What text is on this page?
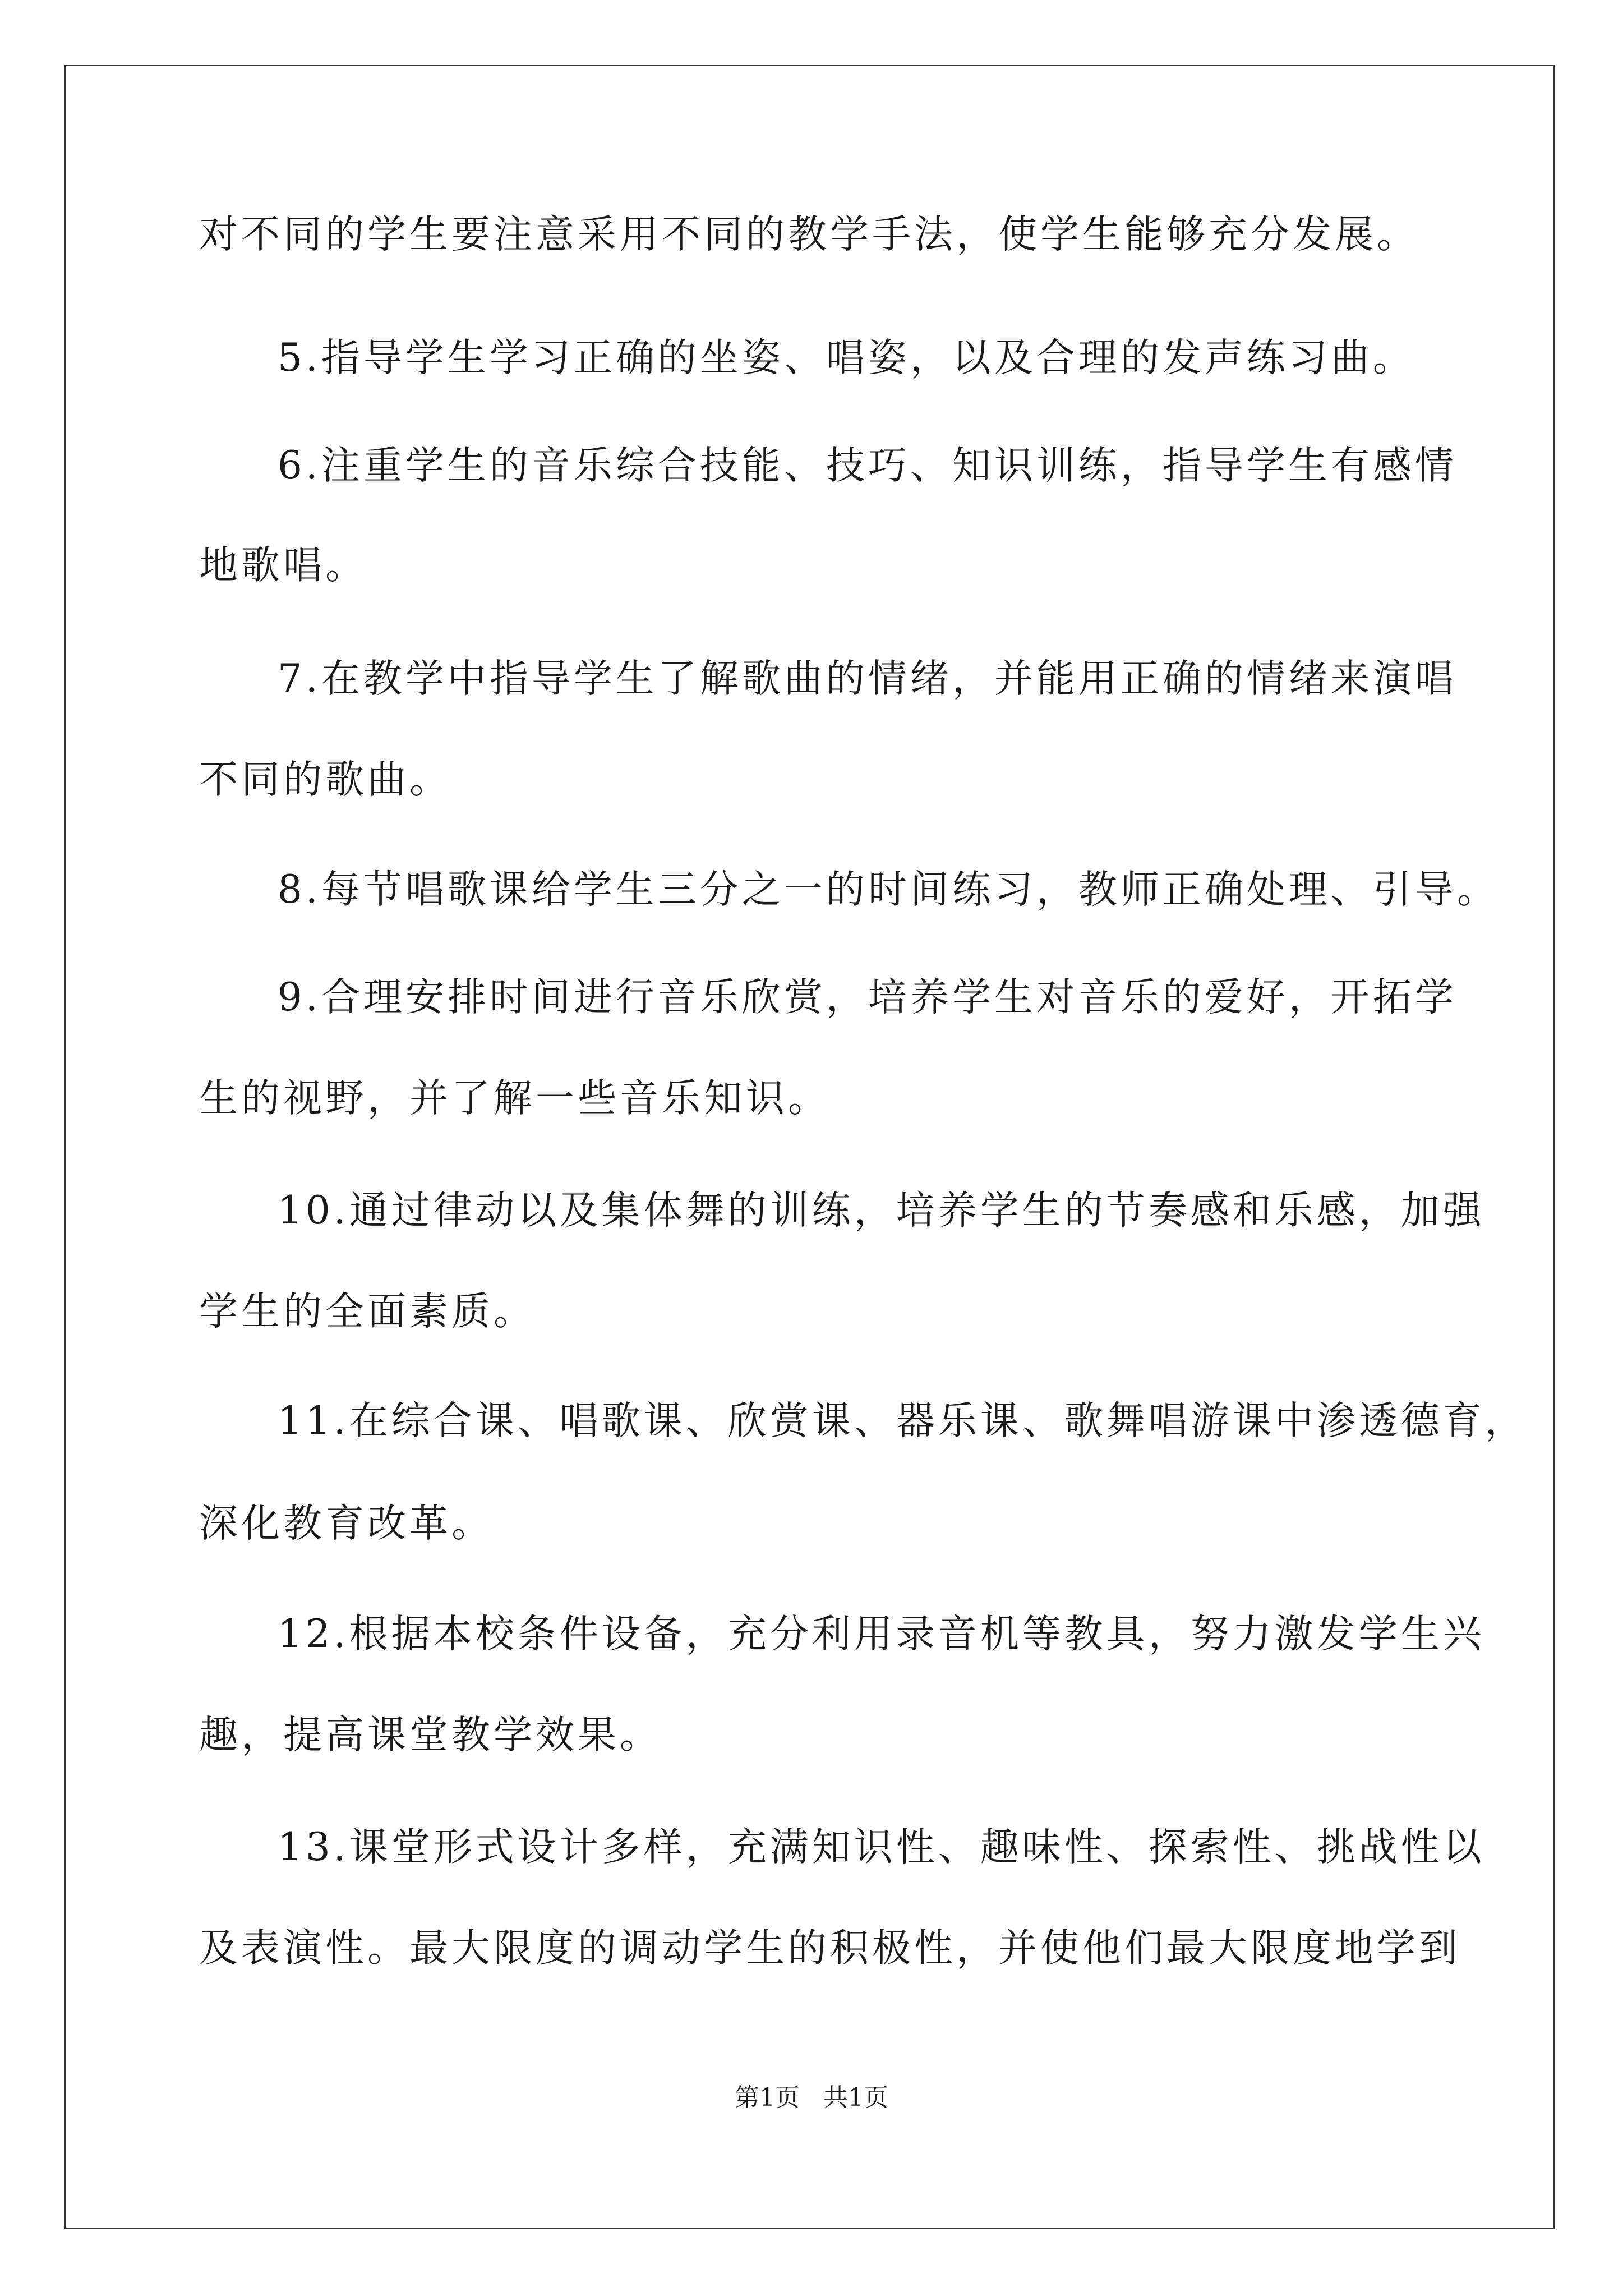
对不同的学生要注意采用不同的教学手法，使学生能够充分发展。
5.指导学生学习正确的坐姿、唱姿，以及合理的发声练习曲。
6.注重学生的音乐综合技能、技巧、知识训练，指导学生有感情
地歌唱。
7.在教学中指导学生了解歌曲的情绪，并能用正确的情绪来演唱
不同的歌曲。
8.每节唱歌课给学生三分之一的时间练习，教师正确处理、引导。
9.合理安排时间进行音乐欣赏，培养学生对音乐的爱好，开拓学
生的视野，并了解一些音乐知识。
10.通过律动以及集体舞的训练，培养学生的节奏感和乐感，加强
学生的全面素质。
11.在综合课、唱歌课、欣赏课、器乐课、歌舞唱游课中渗透德育，
深化教育改革。
12.根据本校条件设备，充分利用录音机等教具，努力激发学生兴
趣，提高课堂教学效果。
13.课堂形式设计多样，充满知识性、趣味性、探索性、挑战性以
及表演性。最大限度的调动学生的积极性，并使他们最大限度地学到
第1页   共1页
